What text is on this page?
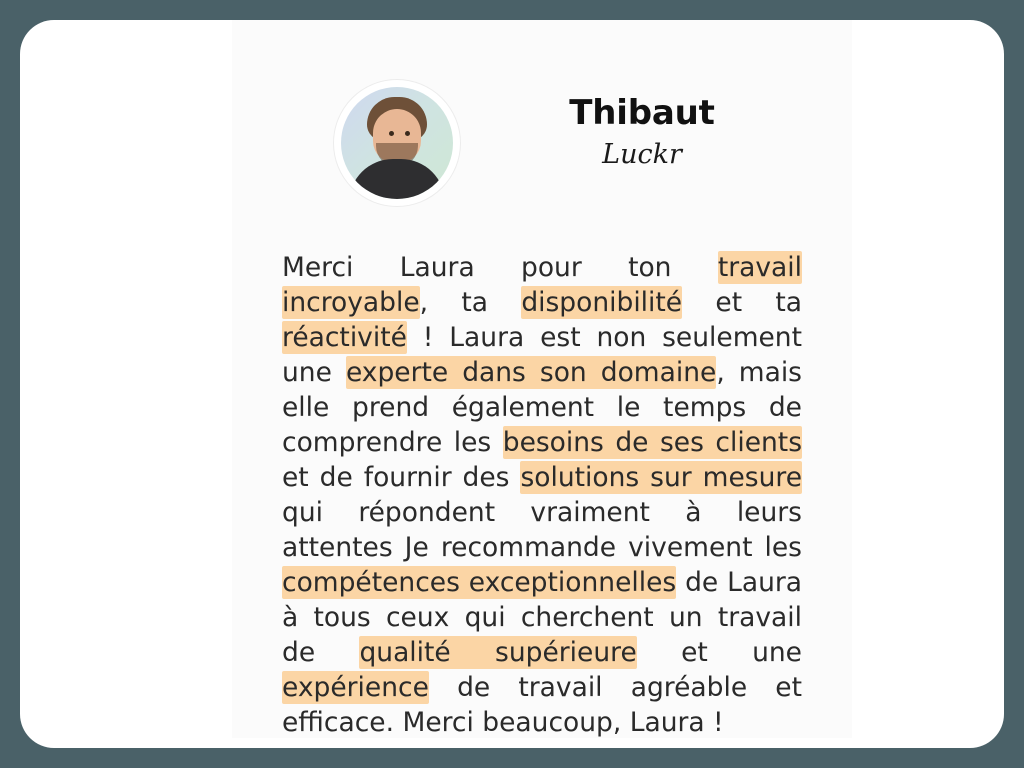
Thibaut
Luckr
Merci Laura pour ton travail incroyable, ta disponibilité et ta réactivité ! Laura est non seulement une experte dans son domaine, mais elle prend également le temps de comprendre les besoins de ses clients et de fournir des solutions sur mesure qui répondent vraiment à leurs attentes Je recommande vivement les compétences exceptionnelles de Laura à tous ceux qui cherchent un travail de qualité supérieure et une expérience de travail agréable et efficace. Merci beaucoup, Laura !
